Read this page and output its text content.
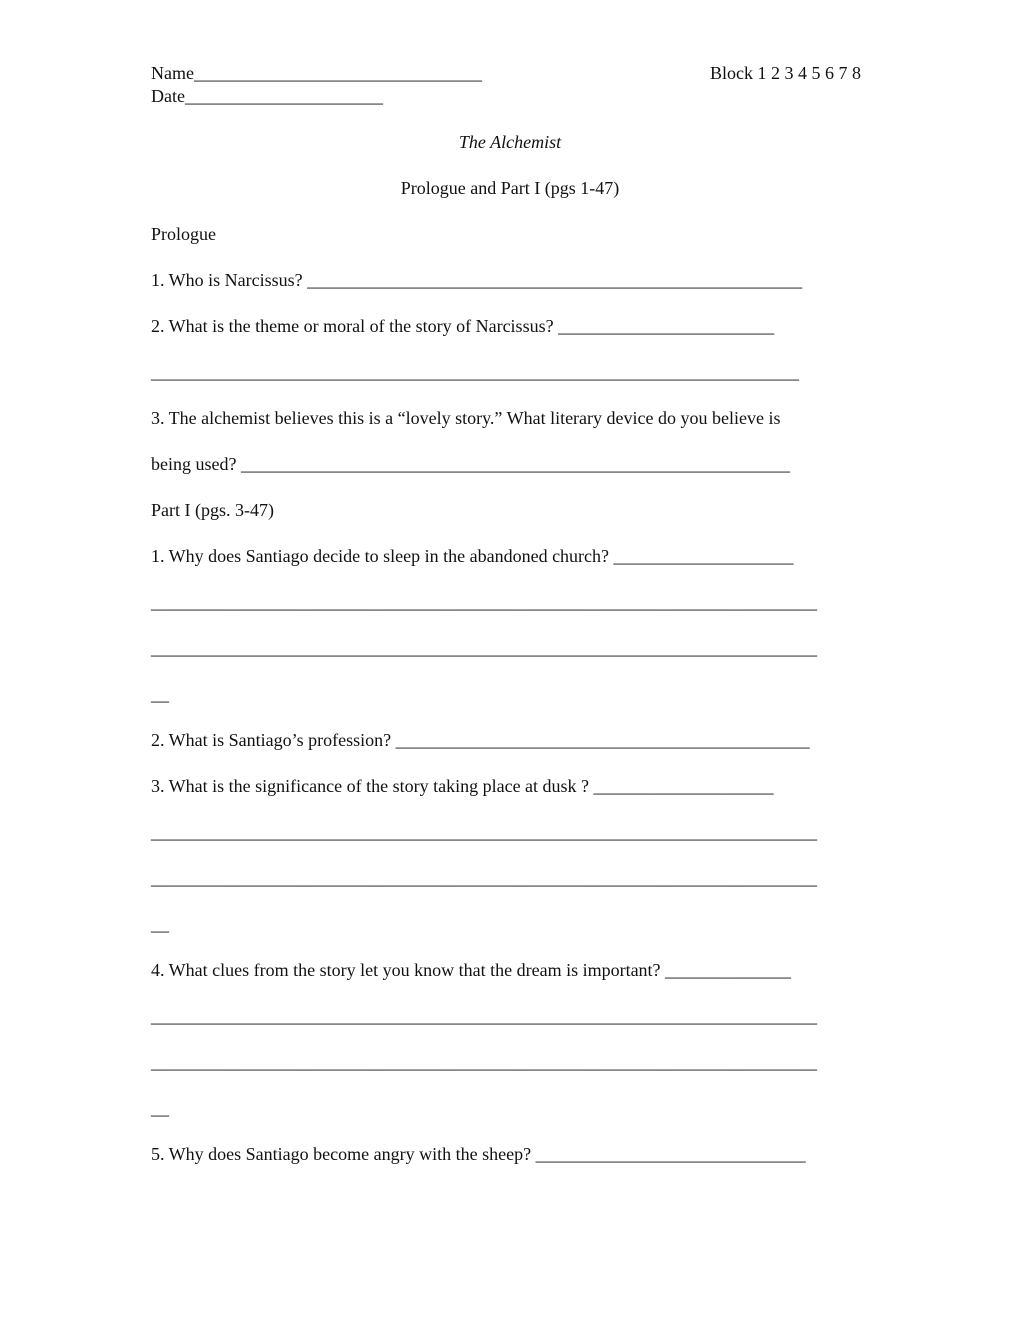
Name________________________________	Block 1 2 3 4 5 6 7 8
Date______________________
The Alchemist
Prologue and Part I (pgs 1-47)
Prologue
1. Who is Narcissus? _______________________________________________________
2. What is the theme or moral of the story of Narcissus? ________________________
________________________________________________________________________
3. The alchemist believes this is a “lovely story.” What literary device do you believe is
being used? _____________________________________________________________
Part I (pgs. 3-47)
1. Why does Santiago decide to sleep in the abandoned church? ____________________
__________________________________________________________________________
__________________________________________________________________________
__
2. What is Santiago’s profession? ______________________________________________
3. What is the significance of the story taking place at dusk ? ____________________
__________________________________________________________________________
__________________________________________________________________________
__
4. What clues from the story let you know that the dream is important? ______________
__________________________________________________________________________
__________________________________________________________________________
__
5. Why does Santiago become angry with the sheep? ______________________________
